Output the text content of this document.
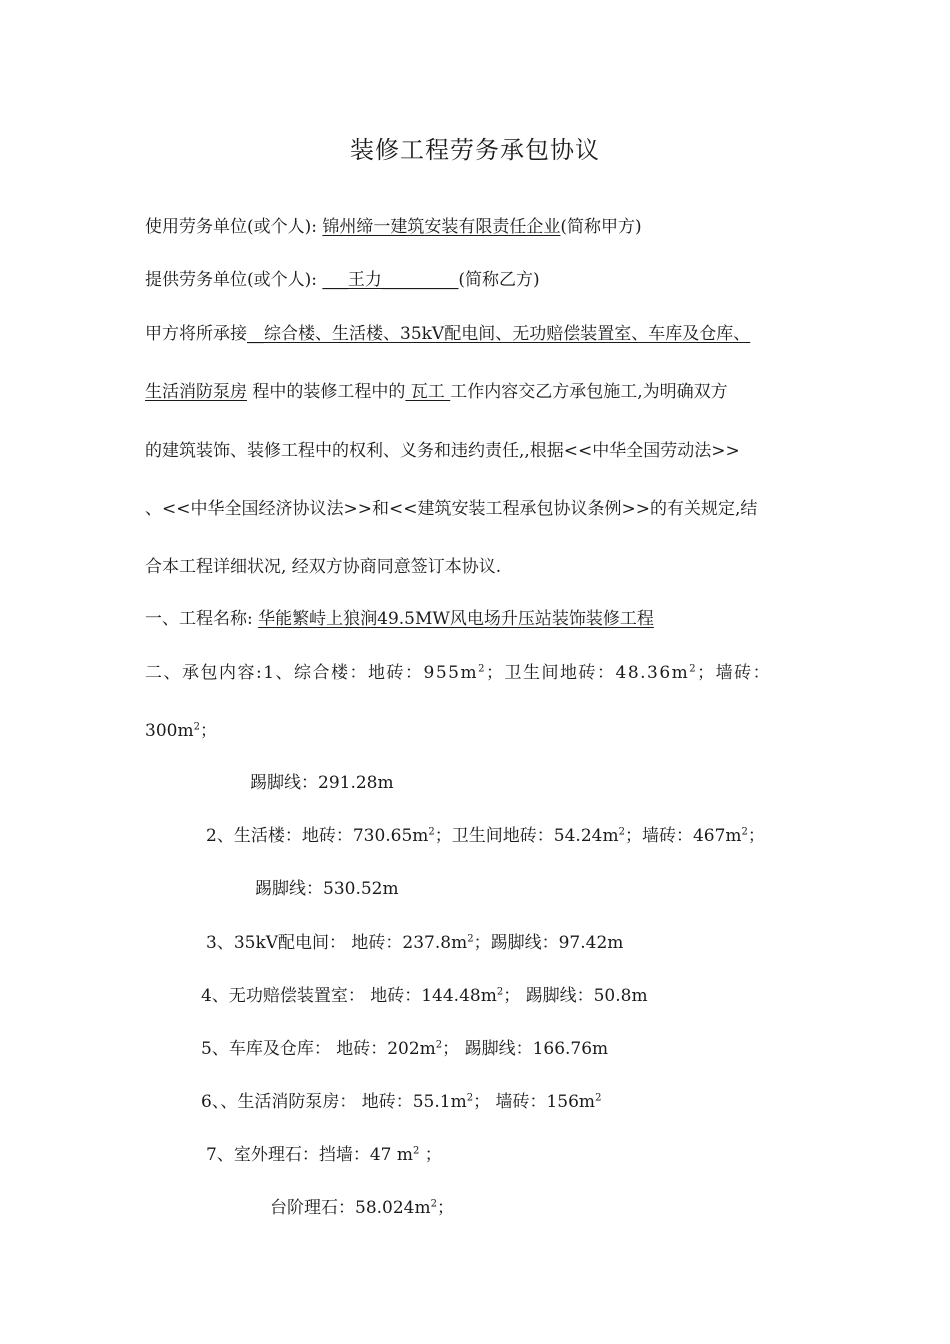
装修工程劳务承包协议
使用劳务单位(或个人): 锦州缔一建筑安装有限责任企业(简称甲方)
提供劳务单位(或个人): ___王力_________(简称乙方)
甲方将所承接__综合楼、生活楼、35kV配电间、无功赔偿装置室、车库及仓库、
生活消防泵房 程中的装修工程中的 瓦工 工作内容交乙方承包施工,为明确双方
的建筑装饰、装修工程中的权利、义务和违约责任,,根据<<中华全国劳动法>>
、<<中华全国经济协议法>>和<<建筑安装工程承包协议条例>>的有关规定,结
合本工程详细状况, 经双方协商同意签订本协议.
一、工程名称: 华能繁峙上狼涧49.5MW风电场升压站装饰装修工程
二、承包内容:1、综合楼：地砖：$955m^2$；卫生间地砖：$48.36m^2$；墙砖：
$300m^2$；
踢脚线：291.28m
2、生活楼：地砖：$730.65m^2$；卫生间地砖：$54.24m^2$；墙砖：$467m^2$；
踢脚线：530.52m
3、35kV配电间： 地砖：$237.8m^2$；踢脚线：97.42m
4、无功赔偿装置室： 地砖：$144.48m^2$； 踢脚线：50.8m
5、车库及仓库： 地砖：$202m^2$； 踢脚线：166.76m
6、、生活消防泵房： 地砖：$55.1m^2$； 墙砖：$156m^2$
7、室外理石：挡墙：47 $m^2$ ；
台阶理石：$58.024m^2$；
